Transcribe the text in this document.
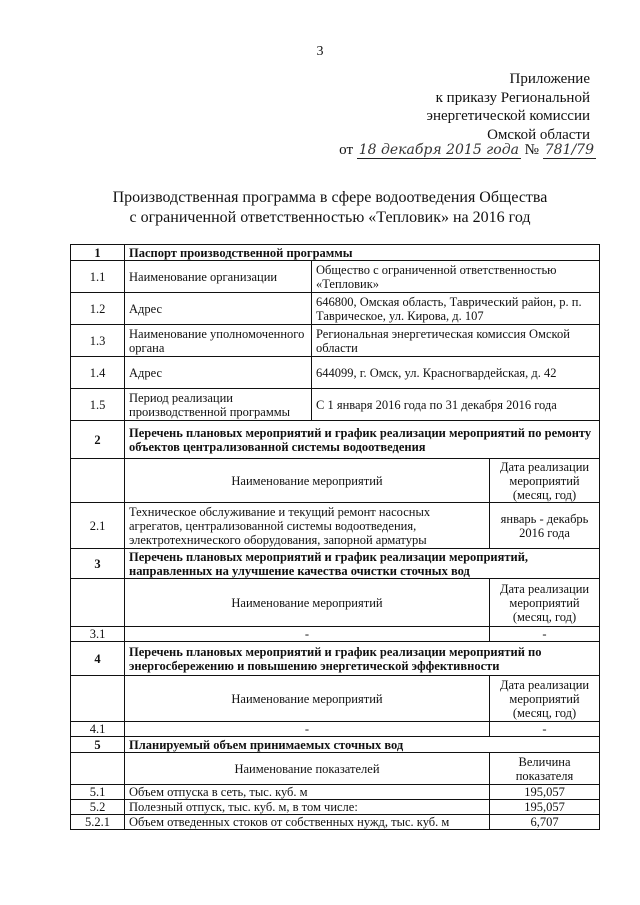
3
Приложение
к приказу Региональной
энергетической комиссии
Омской области
от 18 декабря 2015 года № 781/79
Производственная программа в сфере водоотведения Общества
с ограниченной ответственностью «Тепловик» на 2016 год
1	Паспорт производственной программы		
1.1	Наименование организации	Общество с ограниченной ответственностью «Тепловик»	
1.2	Адрес	646800, Омская область, Таврический район, р. п. Таврическое, ул. Кирова, д. 107	
1.3	Наименование уполномоченного органа	Региональная энергетическая комиссия Омской области	
1.4	Адрес	644099, г. Омск, ул. Красногвардейская, д. 42	
1.5	Период реализации производственной программы	С 1 января 2016 года по 31 декабря 2016 года	
2	Перечень плановых мероприятий и график реализации мероприятий по ремонту объектов централизованной системы водоотведения		
	Наименование мероприятий		Дата реализации мероприятий (месяц, год)
2.1	Техническое обслуживание и текущий ремонт насосных агрегатов, централизованной системы водоотведения, электротехнического оборудования, запорной арматуры		январь - декабрь 2016 года
3	Перечень плановых мероприятий и график реализации мероприятий, направленных на улучшение качества очистки сточных вод		
	Наименование мероприятий		Дата реализации мероприятий (месяц, год)
3.1	-		-
4	Перечень плановых мероприятий и график реализации мероприятий по энергосбережению и повышению энергетической эффективности		
	Наименование мероприятий		Дата реализации мероприятий (месяц, год)
4.1	-		-
5	Планируемый объем принимаемых сточных вод		
	Наименование показателей		Величина показателя
5.1	Объем отпуска в сеть, тыс. куб. м		195,057
5.2	Полезный отпуск, тыс. куб. м, в том числе:		195,057
5.2.1	Объем отведенных стоков от собственных нужд, тыс. куб. м		6,707
